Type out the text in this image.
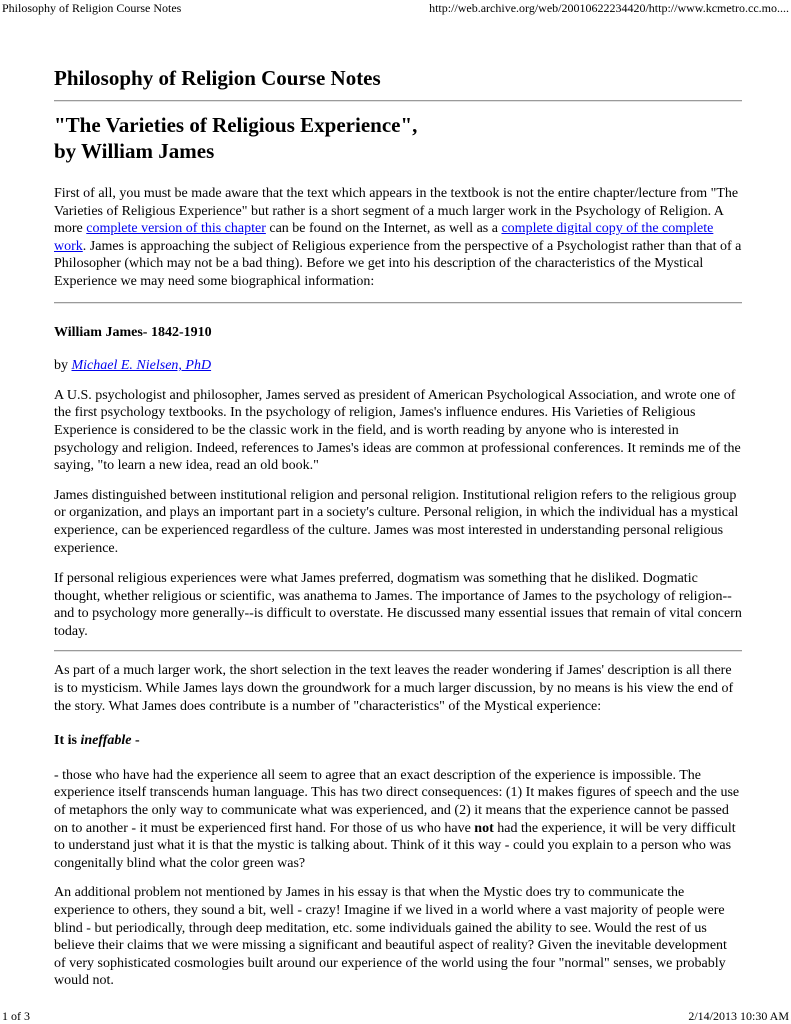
Philosophy of Religion Course Notes	http://web.archive.org/web/20010622234420/http://www.kcmetro.cc.mo....
Philosophy of Religion Course Notes
"The Varieties of Religious Experience",
by William James

First of all, you must be made aware that the text which appears in the textbook is not the entire chapter/lecture from "The Varieties of Religious Experience" but rather is a short segment of a much larger work in the Psychology of Religion. A more complete version of this chapter can be found on the Internet, as well as a complete digital copy of the complete work. James is approaching the subject of Religious experience from the perspective of a Psychologist rather than that of a Philosopher (which may not be a bad thing). Before we get into his description of the characteristics of the Mystical Experience we may need some biographical information:

William James- 1842-1910

by Michael E. Nielsen, PhD

A U.S. psychologist and philosopher, James served as president of American Psychological Association, and wrote one of the first psychology textbooks. In the psychology of religion, James's influence endures. His Varieties of Religious Experience is considered to be the classic work in the field, and is worth reading by anyone who is interested in psychology and religion. Indeed, references to James's ideas are common at professional conferences. It reminds me of the saying, "to learn a new idea, read an old book."

James distinguished between institutional religion and personal religion. Institutional religion refers to the religious group or organization, and plays an important part in a society's culture. Personal religion, in which the individual has a mystical experience, can be experienced regardless of the culture. James was most interested in understanding personal religious experience.

If personal religious experiences were what James preferred, dogmatism was something that he disliked. Dogmatic thought, whether religious or scientific, was anathema to James. The importance of James to the psychology of religion--and to psychology more generally--is difficult to overstate. He discussed many essential issues that remain of vital concern today.

As part of a much larger work, the short selection in the text leaves the reader wondering if James' description is all there is to mysticism. While James lays down the groundwork for a much larger discussion, by no means is his view the end of the story. What James does contribute is a number of "characteristics" of the Mystical experience:

It is ineffable -

- those who have had the experience all seem to agree that an exact description of the experience is impossible. The experience itself transcends human language. This has two direct consequences: (1) It makes figures of speech and the use of metaphors the only way to communicate what was experienced, and (2) it means that the experience cannot be passed on to another - it must be experienced first hand. For those of us who have not had the experience, it will be very difficult to understand just what it is that the mystic is talking about. Think of it this way - could you explain to a person who was congenitally blind what the color green was?

An additional problem not mentioned by James in his essay is that when the Mystic does try to communicate the experience to others, they sound a bit, well - crazy! Imagine if we lived in a world where a vast majority of people were blind - but periodically, through deep meditation, etc. some individuals gained the ability to see. Would the rest of us believe their claims that we were missing a significant and beautiful aspect of reality? Given the inevitable development of very sophisticated cosmologies built around our experience of the world using the four "normal" senses, we probably would not.

1 of 3	2/14/2013 10:30 AM
